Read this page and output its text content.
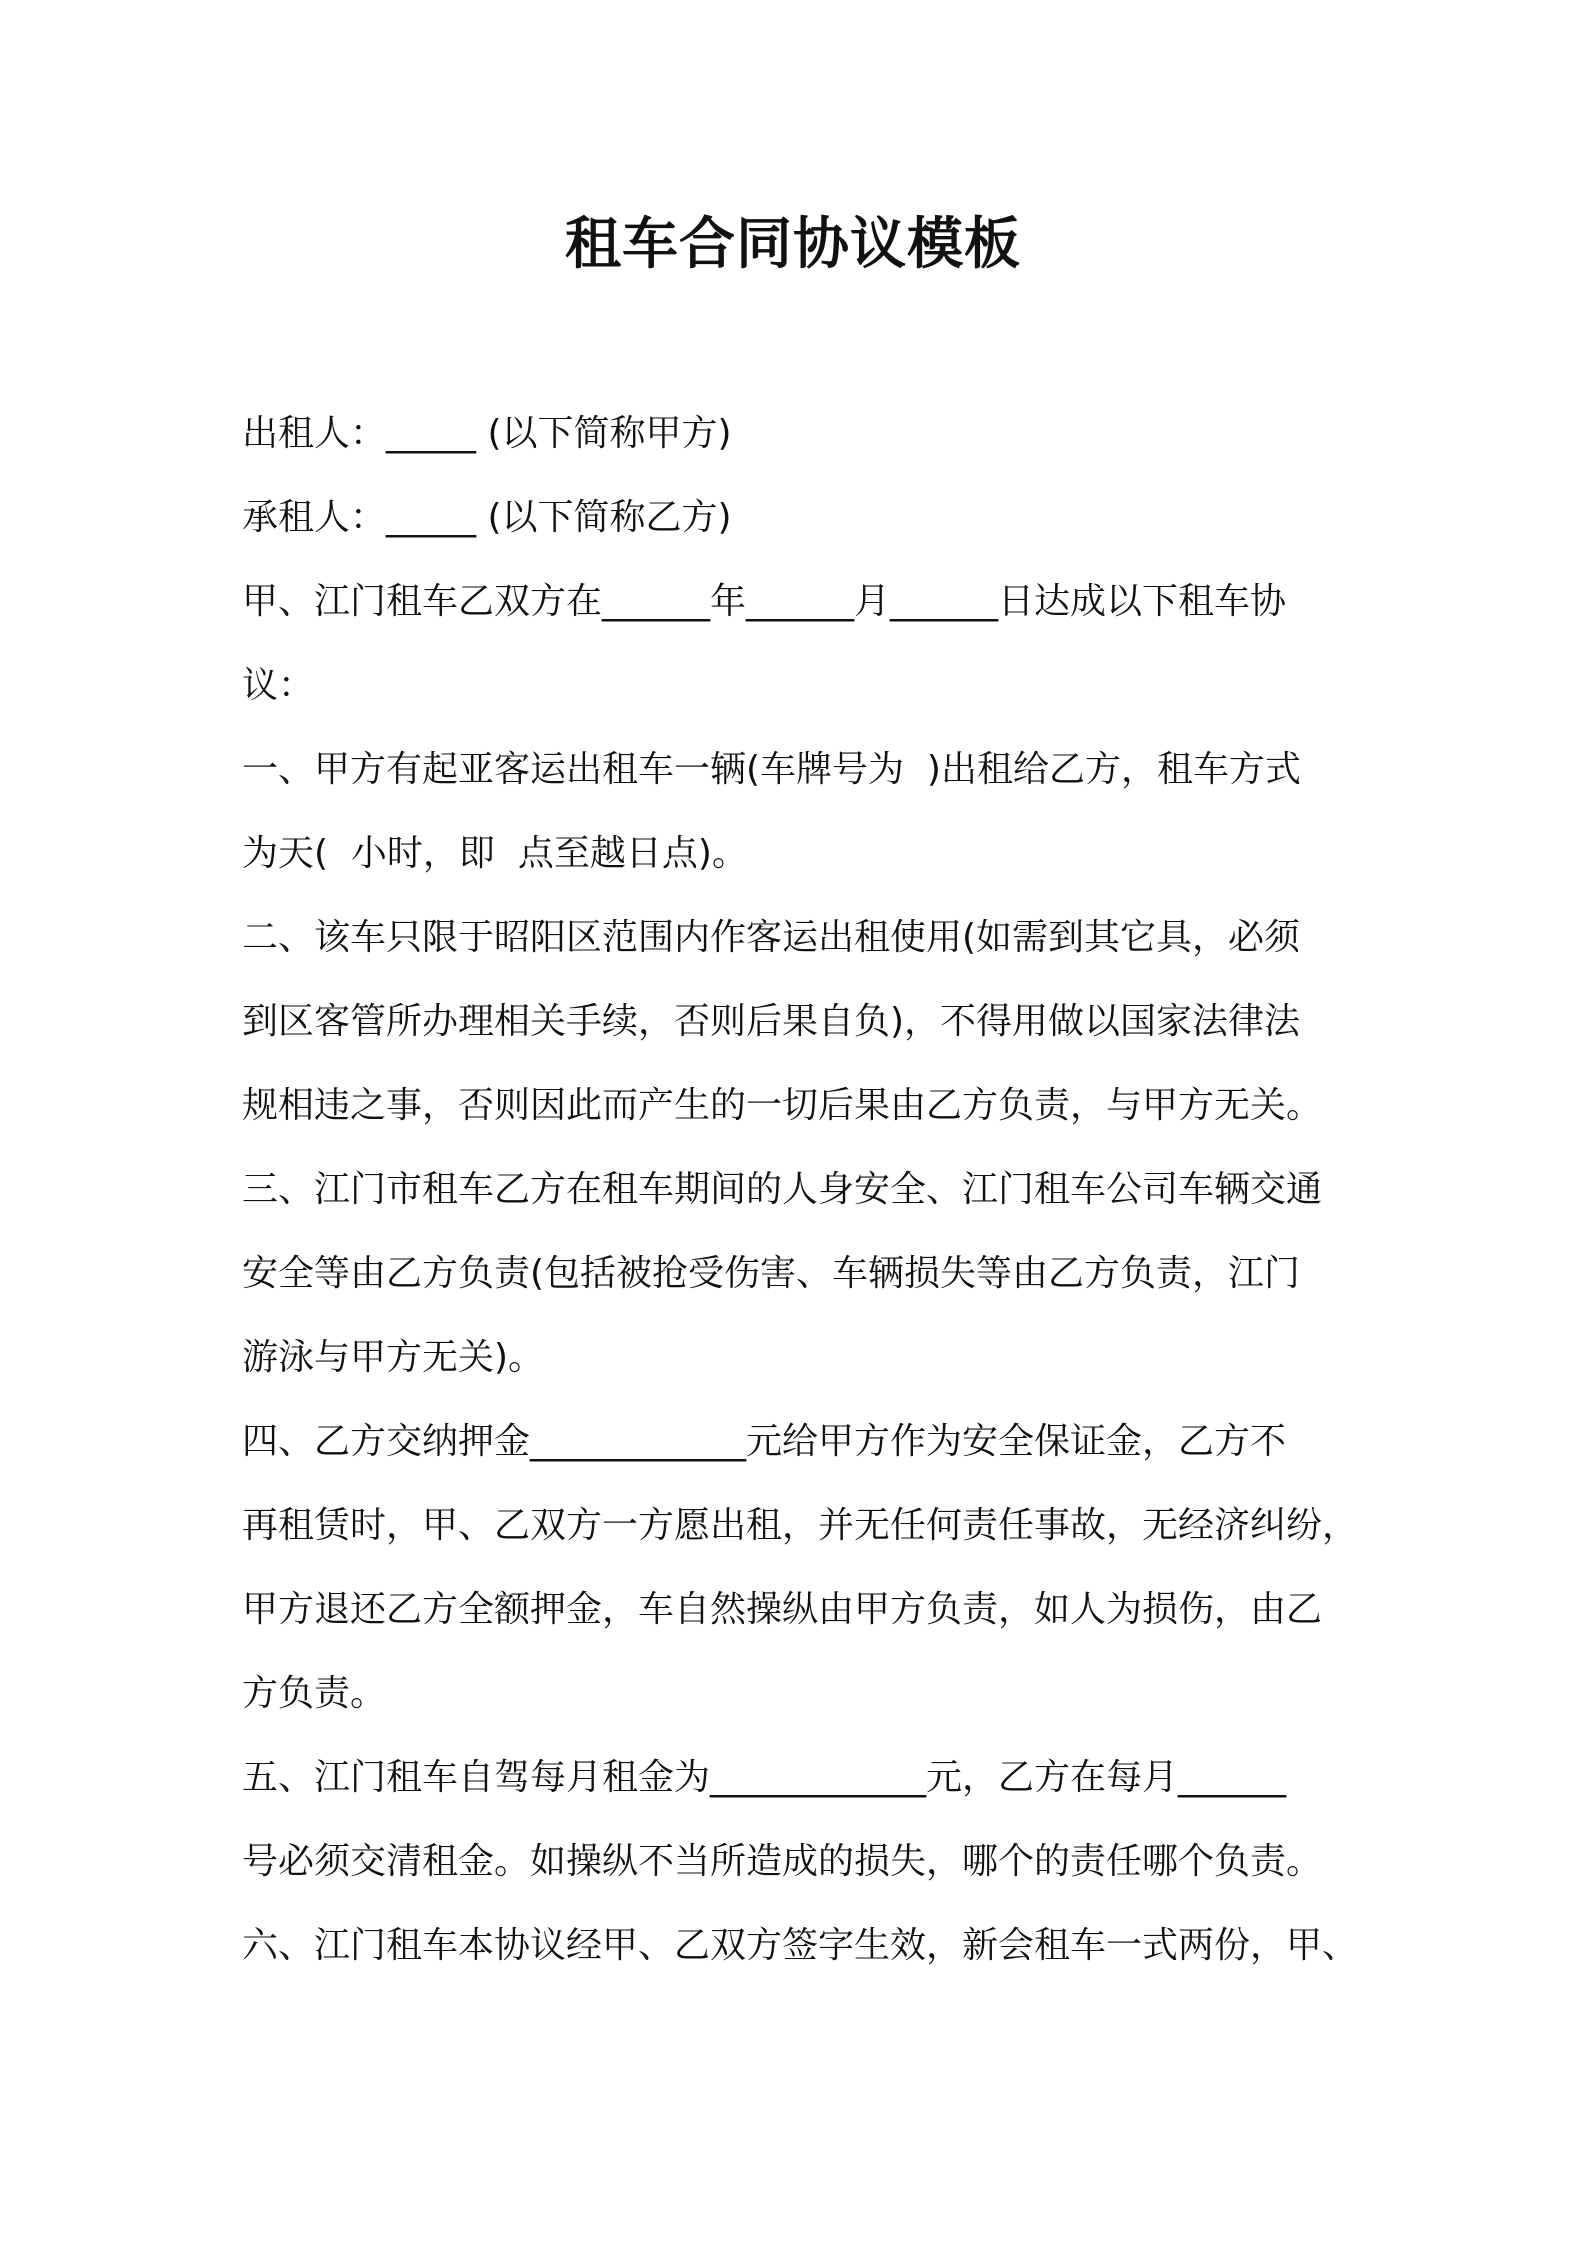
租车合同协议模板
出租人：_____ (以下简称甲方)
承租人：_____ (以下简称乙方)
甲、江门租车乙双方在______年______月______日达成以下租车协
议：
一、甲方有起亚客运出租车一辆(车牌号为  )出租给乙方，租车方式
为天(  小时，即  点至越日点)。
二、该车只限于昭阳区范围内作客运出租使用(如需到其它具，必须
到区客管所办理相关手续，否则后果自负)，不得用做以国家法律法
规相违之事，否则因此而产生的一切后果由乙方负责，与甲方无关。
三、江门市租车乙方在租车期间的人身安全、江门租车公司车辆交通
安全等由乙方负责(包括被抢受伤害、车辆损失等由乙方负责，江门
游泳与甲方无关)。
四、乙方交纳押金____________元给甲方作为安全保证金，乙方不
再租赁时，甲、乙双方一方愿出租，并无任何责任事故，无经济纠纷，
甲方退还乙方全额押金，车自然操纵由甲方负责，如人为损伤，由乙
方负责。
五、江门租车自驾每月租金为____________元，乙方在每月______
号必须交清租金。如操纵不当所造成的损失，哪个的责任哪个负责。
六、江门租车本协议经甲、乙双方签字生效，新会租车一式两份，甲、
